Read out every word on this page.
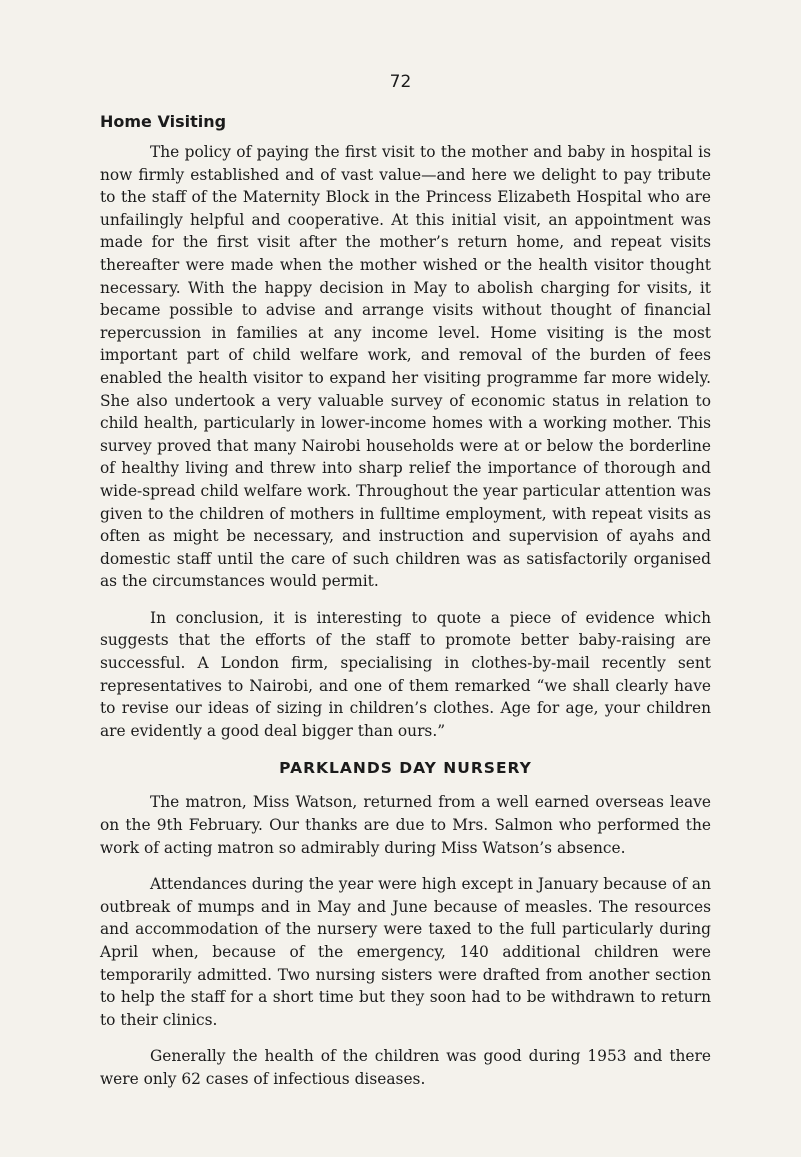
72
Home Visiting

The policy of paying the first visit to the mother and baby in hospital is now firmly established and of vast value—and here we delight to pay tribute to the staff of the Maternity Block in the Princess Elizabeth Hospital who are unfailingly helpful and cooperative. At this initial visit, an appointment was made for the first visit after the mother’s return home, and repeat visits thereafter were made when the mother wished or the health visitor thought necessary. With the happy decision in May to abolish charging for visits, it became possible to advise and arrange visits without thought of financial repercussion in families at any income level. Home visiting is the most important part of child welfare work, and removal of the burden of fees enabled the health visitor to expand her visiting programme far more widely. She also undertook a very valuable survey of economic status in relation to child health, particularly in lower-income homes with a working mother. This survey proved that many Nairobi households were at or below the borderline of healthy living and threw into sharp relief the importance of thorough and wide-spread child welfare work. Throughout the year particular attention was given to the children of mothers in fulltime employment, with repeat visits as often as might be necessary, and instruction and supervision of ayahs and domestic staff until the care of such children was as satisfactorily organised as the circumstances would permit.

In conclusion, it is interesting to quote a piece of evidence which suggests that the efforts of the staff to promote better baby-raising are successful. A London firm, specialising in clothes-by-mail recently sent representatives to Nairobi, and one of them remarked “we shall clearly have to revise our ideas of sizing in children’s clothes. Age for age, your children are evidently a good deal bigger than ours.”

PARKLANDS DAY NURSERY

The matron, Miss Watson, returned from a well earned overseas leave on the 9th February. Our thanks are due to Mrs. Salmon who performed the work of acting matron so admirably during Miss Watson’s absence.

Attendances during the year were high except in January because of an outbreak of mumps and in May and June because of measles. The resources and accommodation of the nursery were taxed to the full particularly during April when, because of the emergency, 140 additional children were temporarily admitted. Two nursing sisters were drafted from another section to help the staff for a short time but they soon had to be withdrawn to return to their clinics.

Generally the health of the children was good during 1953 and there were only 62 cases of infectious diseases.
